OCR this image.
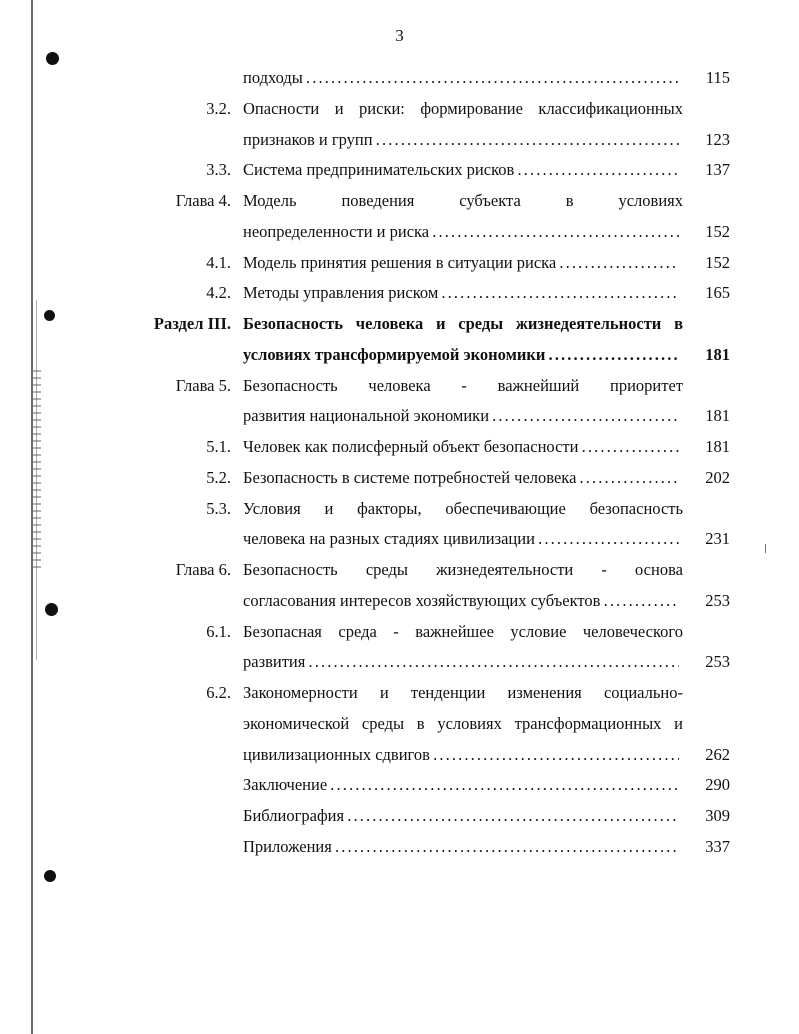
3
подходы . . .	115
3.2. Опасности и риски: формирование классификационных
признаков и групп . . .	123
3.3. Система предпринимательских рисков . . .	137
Глава 4. Модель поведения субъекта в условиях
неопределенности и риска . . .	152
4.1. Модель принятия решения в ситуации риска . . .	152
4.2. Методы управления риском . . .	165
Раздел III. Безопасность человека и среды жизнедеятельности в
условиях трансформируемой экономики . . .	181
Глава 5. Безопасность человека - важнейший приоритет
развития национальной экономики . . .	181
5.1. Человек как полисферный объект безопасности . . .	181
5.2. Безопасность в системе потребностей человека . . .	202
5.3. Условия и факторы, обеспечивающие безопасность
человека на разных стадиях цивилизации . . .	231
Глава 6. Безопасность среды жизнедеятельности - основа
согласования интересов хозяйствующих субъектов . . .	253
6.1. Безопасная среда - важнейшее условие человеческого
развития . . .	253
6.2. Закономерности и тенденции изменения социально-
экономической среды в условиях трансформационных и
цивилизационных сдвигов . . .	262
Заключение . . .	290
Библиография . . .	309
Приложения . . .	337
